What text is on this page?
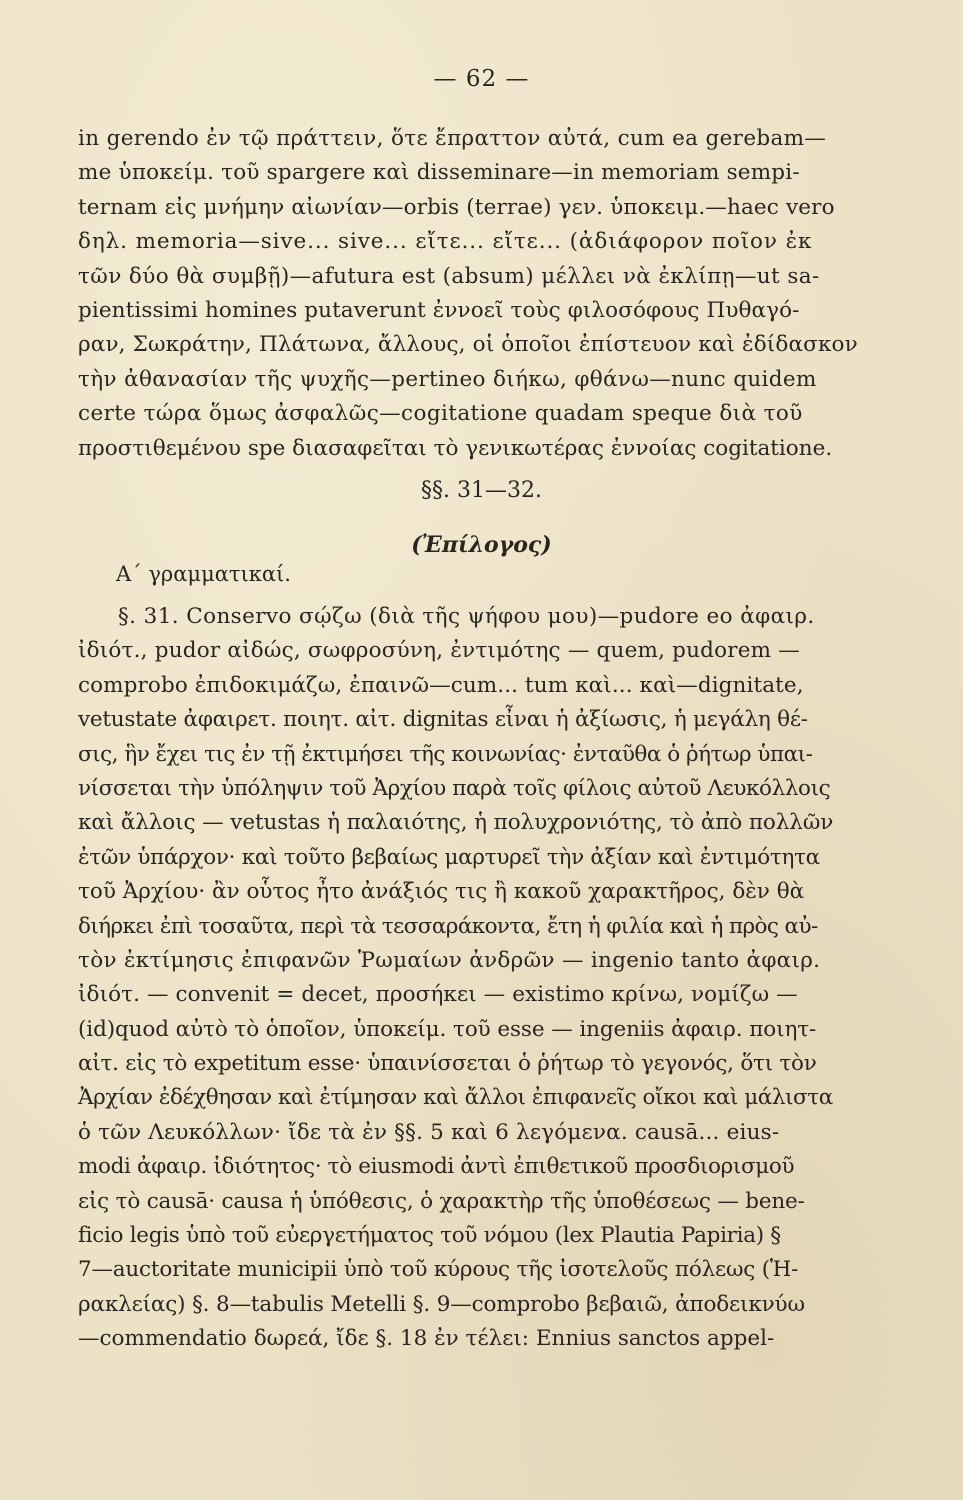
— 62 —
in gerendo ἐν τῷ πράττειν, ὅτε ἔπραττον αὐτά, cum ea gerebam—
me ὑποκείμ. τοῦ spargere καὶ disseminare—in memoriam sempi-
ternam εἰς μνήμην αἰωνίαν—orbis (terrae) γεν. ὑποκειμ.—haec vero
δηλ. memoria—sive... sive... εἴτε... εἴτε... (ἀδιάφορον ποῖον ἐκ
τῶν δύο θὰ συμβῇ)—afutura est (absum) μέλλει νὰ ἐκλίπῃ—ut sa-
pientissimi homines putaverunt ἐννοεῖ τοὺς φιλοσόφους Πυθαγό-
ραν, Σωκράτην, Πλάτωνα, ἄλλους, οἱ ὁποῖοι ἐπίστευον καὶ ἐδίδασκον
τὴν ἀθανασίαν τῆς ψυχῆς—pertineo διήκω, φθάνω—nunc quidem
certe τώρα ὅμως ἀσφαλῶς—cogitatione quadam speque διὰ τοῦ
προστιθεμένου spe διασαφεῖται τὸ γενικωτέρας ἐννοίας cogitatione.
§§. 31—32.
(Ἐπίλογος)
Α΄ γραμματικαί.
§. 31. Conservo σῴζω (διὰ τῆς ψήφου μου)—pudore eo ἀφαιρ.
ἰδιότ., pudor αἰδώς, σωφροσύνη, ἐντιμότης — quem, pudorem —
comprobo ἐπιδοκιμάζω, ἐπαινῶ—cum... tum καὶ... καὶ—dignitate,
vetustate ἀφαιρετ. ποιητ. αἰτ. dignitas εἶναι ἡ ἀξίωσις, ἡ μεγάλη θέ-
σις, ἣν ἔχει τις ἐν τῇ ἐκτιμήσει τῆς κοινωνίας· ἐνταῦθα ὁ ῥήτωρ ὑπαι-
νίσσεται τὴν ὑπόληψιν τοῦ Ἀρχίου παρὰ τοῖς φίλοις αὐτοῦ Λευκόλλοις
καὶ ἄλλοις — vetustas ἡ παλαιότης, ἡ πολυχρονιότης, τὸ ἀπὸ πολλῶν
ἐτῶν ὑπάρχον· καὶ τοῦτο βεβαίως μαρτυρεῖ τὴν ἀξίαν καὶ ἐντιμότητα
τοῦ Ἀρχίου· ἂν οὗτος ἦτο ἀνάξιός τις ἢ κακοῦ χαρακτῆρος, δὲν θὰ
διήρκει ἐπὶ τοσαῦτα, περὶ τὰ τεσσαράκοντα, ἔτη ἡ φιλία καὶ ἡ πρὸς αὐ-
τὸν ἐκτίμησις ἐπιφανῶν Ῥωμαίων ἀνδρῶν — ingenio tanto ἀφαιρ.
ἰδιότ. — convenit = decet, προσήκει — existimo κρίνω, νομίζω —
(id)quod αὐτὸ τὸ ὁποῖον, ὑποκείμ. τοῦ esse — ingeniis ἀφαιρ. ποιητ-
αἰτ. εἰς τὸ expetitum esse· ὑπαινίσσεται ὁ ῥήτωρ τὸ γεγονός, ὅτι τὸν
Ἀρχίαν ἐδέχθησαν καὶ ἐτίμησαν καὶ ἄλλοι ἐπιφανεῖς οἴκοι καὶ μάλιστα
ὁ τῶν Λευκόλλων· ἴδε τὰ ἐν §§. 5 καὶ 6 λεγόμενα. causā... eius-
modi ἀφαιρ. ἰδιότητος· τὸ eiusmodi ἀντὶ ἐπιθετικοῦ προσδιορισμοῦ
εἰς τὸ causā· causa ἡ ὑπόθεσις, ὁ χαρακτὴρ τῆς ὑποθέσεως — bene-
ficio legis ὑπὸ τοῦ εὐεργετήματος τοῦ νόμου (lex Plautia Papiria) §
7—auctoritate municipii ὑπὸ τοῦ κύρους τῆς ἰσοτελοῦς πόλεως (Ἡ-
ρακλείας) §. 8—tabulis Metelli §. 9—comprobo βεβαιῶ, ἀποδεικνύω
—commendatio δωρεά, ἴδε §. 18 ἐν τέλει: Ennius sanctos appel-
